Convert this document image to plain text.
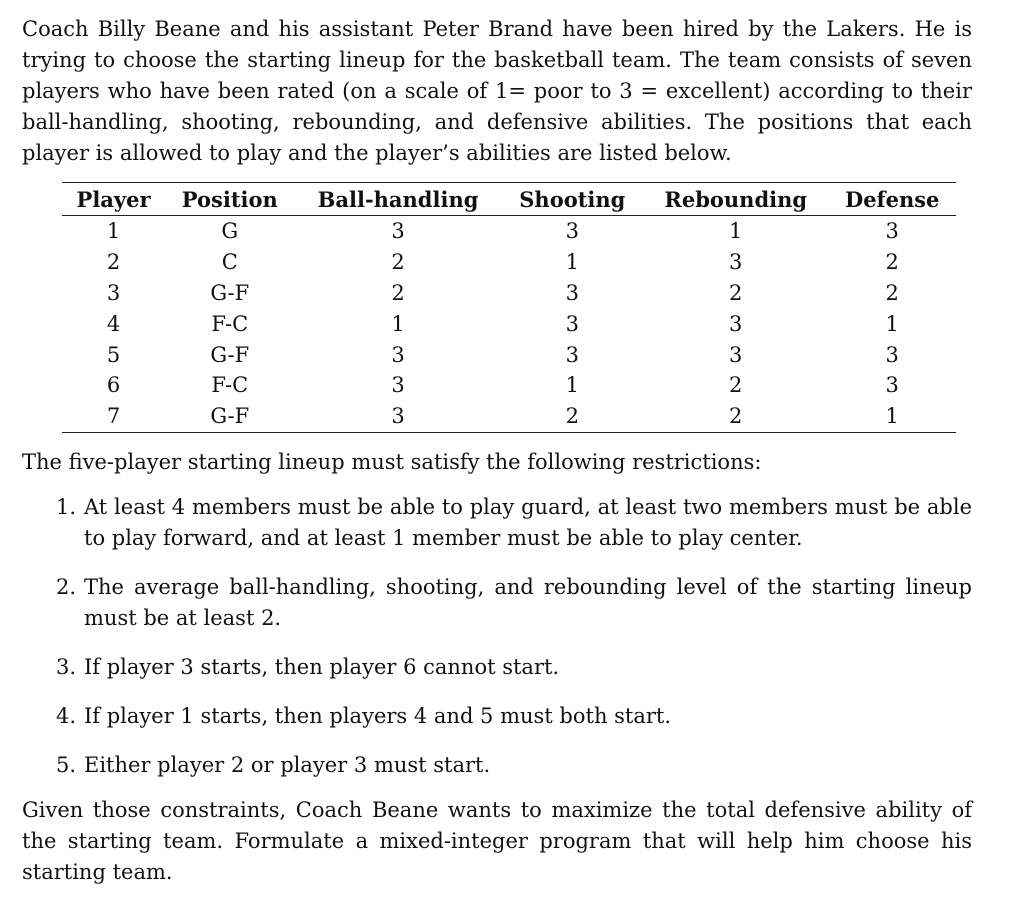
Coach Billy Beane and his assistant Peter Brand have been hired by the Lakers. He is trying to choose the starting lineup for the basketball team. The team consists of seven players who have been rated (on a scale of 1= poor to 3 = excellent) according to their ball-handling, shooting, rebounding, and defensive abilities. The positions that each player is allowed to play and the player’s abilities are listed below.

Player	Position	Ball-handling	Shooting	Rebounding	Defense
1	G	3	3	1	3
2	C	2	1	3	2
3	G-F	2	3	2	2
4	F-C	1	3	3	1
5	G-F	3	3	3	3
6	F-C	3	1	2	3
7	G-F	3	2	2	1

The five-player starting lineup must satisfy the following restrictions:

1. At least 4 members must be able to play guard, at least two members must be able to play forward, and at least 1 member must be able to play center.
2. The average ball-handling, shooting, and rebounding level of the starting lineup must be at least 2.
3. If player 3 starts, then player 6 cannot start.
4. If player 1 starts, then players 4 and 5 must both start.
5. Either player 2 or player 3 must start.

Given those constraints, Coach Beane wants to maximize the total defensive ability of the starting team. Formulate a mixed-integer program that will help him choose his starting team.
